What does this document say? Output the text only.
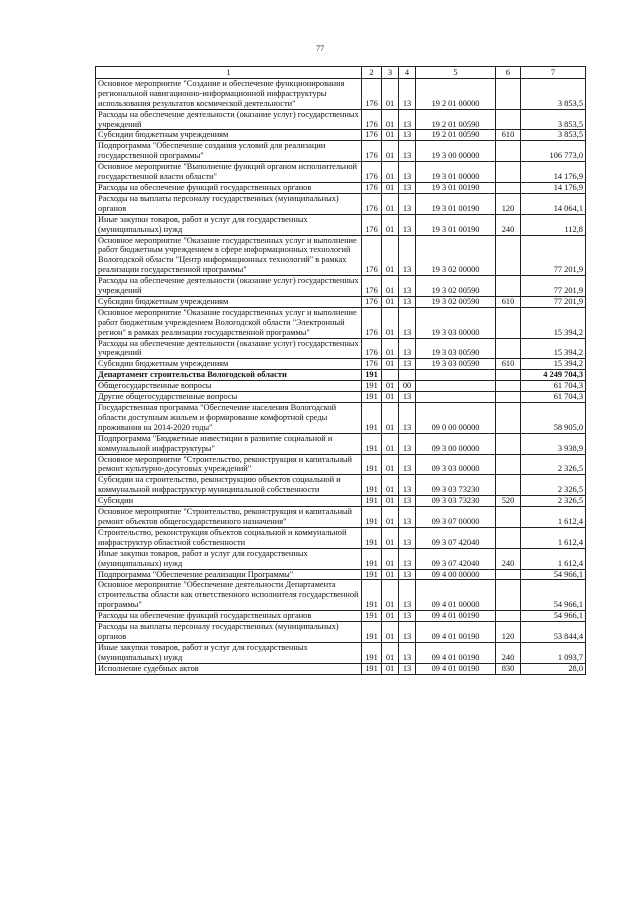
77
1	2	3	4	5	6	7
Основное мероприятие "Создание и обеспечение функционирования региональной навигационно-информационной инфраструктуры использования результатов космической деятельности"	176	01	13	19 2 01 00000		3 853,5
Расходы на обеспечение деятельности (оказание услуг) государственных учреждений	176	01	13	19 2 01 00590		3 853,5
Субсидии бюджетным учреждениям	176	01	13	19 2 01 00590	610	3 853,5
Подпрограмма "Обеспечение создания условий для реализации государственной программы"	176	01	13	19 3 00 00000		106 773,0
Основное мероприятие "Выполнение функций органом исполнительной государственной власти области"	176	01	13	19 3 01 00000		14 176,9
Расходы на обеспечение функций государственных органов	176	01	13	19 3 01 00190		14 176,9
Расходы на выплаты персоналу государственных (муниципальных) органов	176	01	13	19 3 01 00190	120	14 064,1
Иные закупки товаров, работ и услуг для государственных (муниципальных) нужд	176	01	13	19 3 01 00190	240	112,8
Основное мероприятие "Оказание государственных услуг и выполнение работ бюджетным учреждением в сфере информационных технологий Вологодской области "Центр информационных технологий" в рамках реализации государственной программы"	176	01	13	19 3 02 00000		77 201,9
Расходы на обеспечение деятельности (оказание услуг) государственных учреждений	176	01	13	19 3 02 00590		77 201,9
Субсидии бюджетным учреждениям	176	01	13	19 3 02 00590	610	77 201,9
Основное мероприятие "Оказание государственных услуг и выполнение работ бюджетным учреждением Вологодской области "Электронный регион" в рамках реализации государственной программы"	176	01	13	19 3 03 00000		15 394,2
Расходы на обеспечение деятельности (оказание услуг) государственных учреждений	176	01	13	19 3 03 00590		15 394,2
Субсидии бюджетным учреждениям	176	01	13	19 3 03 00590	610	15 394,2
Департамент строительства Вологодской области	191					4 249 704,3
Общегосударственные вопросы	191	01	00			61 704,3
Другие общегосударственные вопросы	191	01	13			61 704,3
Государственная программа "Обеспечение населения Вологодской области доступным жильем и формирование комфортной среды проживания на 2014-2020 годы"	191	01	13	09 0 00 00000		58 905,0
Подпрограмма "Бюджетные инвестиции в развитие социальной и коммунальной инфраструктуры"	191	01	13	09 3 00 00000		3 938,9
Основное мероприятие "Строительство, реконструкция и капитальный ремонт культурно-досуговых учреждений"	191	01	13	09 3 03 00000		2 326,5
Субсидии на строительство, реконструкцию объектов социальной и коммунальной инфраструктур муниципальной собственности	191	01	13	09 3 03 73230		2 326,5
Субсидии	191	01	13	09 3 03 73230	520	2 326,5
Основное мероприятие "Строительство, реконструкция и капитальный ремонт объектов общегосударственного назначения"	191	01	13	09 3 07 00000		1 612,4
Строительство, реконструкция объектов социальной и коммунальной инфраструктур областной собственности	191	01	13	09 3 07 42040		1 612,4
Иные закупки товаров, работ и услуг для государственных (муниципальных) нужд	191	01	13	09 3 07 42040	240	1 612,4
Подпрограмма "Обеспечение реализации Программы"	191	01	13	09 4 00 00000		54 966,1
Основное мероприятие "Обеспечение деятельности Департамента строительства области как ответственного исполнителя государственной программы"	191	01	13	09 4 01 00000		54 966,1
Расходы на обеспечение функций государственных органов	191	01	13	09 4 01 00190		54 966,1
Расходы на выплаты персоналу государственных (муниципальных) органов	191	01	13	09 4 01 00190	120	53 844,4
Иные закупки товаров, работ и услуг для государственных (муниципальных) нужд	191	01	13	09 4 01 00190	240	1 093,7
Исполнение судебных актов	191	01	13	09 4 01 00190	830	28,0
